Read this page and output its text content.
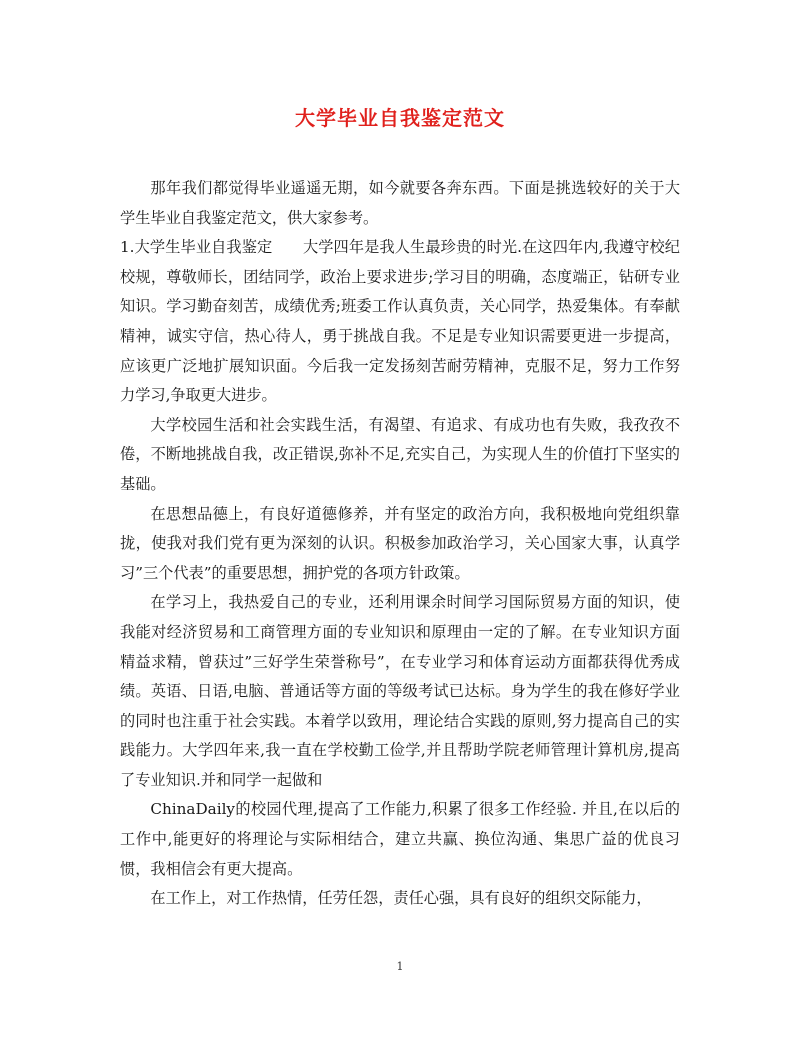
大学毕业自我鉴定范文

那年我们都觉得毕业遥遥无期，如今就要各奔东西。下面是挑选较好的关于大学生毕业自我鉴定范文，供大家参考。

1.大学生毕业自我鉴定　　大学四年是我人生最珍贵的时光.在这四年内,我遵守校纪校规，尊敬师长，团结同学，政治上要求进步;学习目的明确，态度端正，钻研专业知识。学习勤奋刻苦，成绩优秀;班委工作认真负责，关心同学，热爱集体。有奉献精神，诚实守信，热心待人，勇于挑战自我。不足是专业知识需要更进一步提高，应该更广泛地扩展知识面。今后我一定发扬刻苦耐劳精神，克服不足，努力工作努力学习,争取更大进步。

大学校园生活和社会实践生活，有渴望、有追求、有成功也有失败，我孜孜不倦，不断地挑战自我，改正错误,弥补不足,充实自己，为实现人生的价值打下坚实的基础。

在思想品德上，有良好道德修养，并有坚定的政治方向，我积极地向党组织靠拢，使我对我们党有更为深刻的认识。积极参加政治学习，关心国家大事，认真学习”三个代表”的重要思想，拥护党的各项方针政策。

在学习上，我热爱自己的专业，还利用课余时间学习国际贸易方面的知识，使我能对经济贸易和工商管理方面的专业知识和原理由一定的了解。在专业知识方面精益求精，曾获过”三好学生荣誉称号”，在专业学习和体育运动方面都获得优秀成绩。英语、日语,电脑、普通话等方面的等级考试已达标。身为学生的我在修好学业的同时也注重于社会实践。本着学以致用，理论结合实践的原则,努力提高自己的实践能力。大学四年来,我一直在学校勤工俭学,并且帮助学院老师管理计算机房,提高了专业知识.并和同学一起做和

ChinaDaily的校园代理,提高了工作能力,积累了很多工作经验. 并且,在以后的工作中,能更好的将理论与实际相结合，建立共赢、换位沟通、集思广益的优良习惯，我相信会有更大提高。

在工作上，对工作热情，任劳任怨，责任心强，具有良好的组织交际能力，

1
